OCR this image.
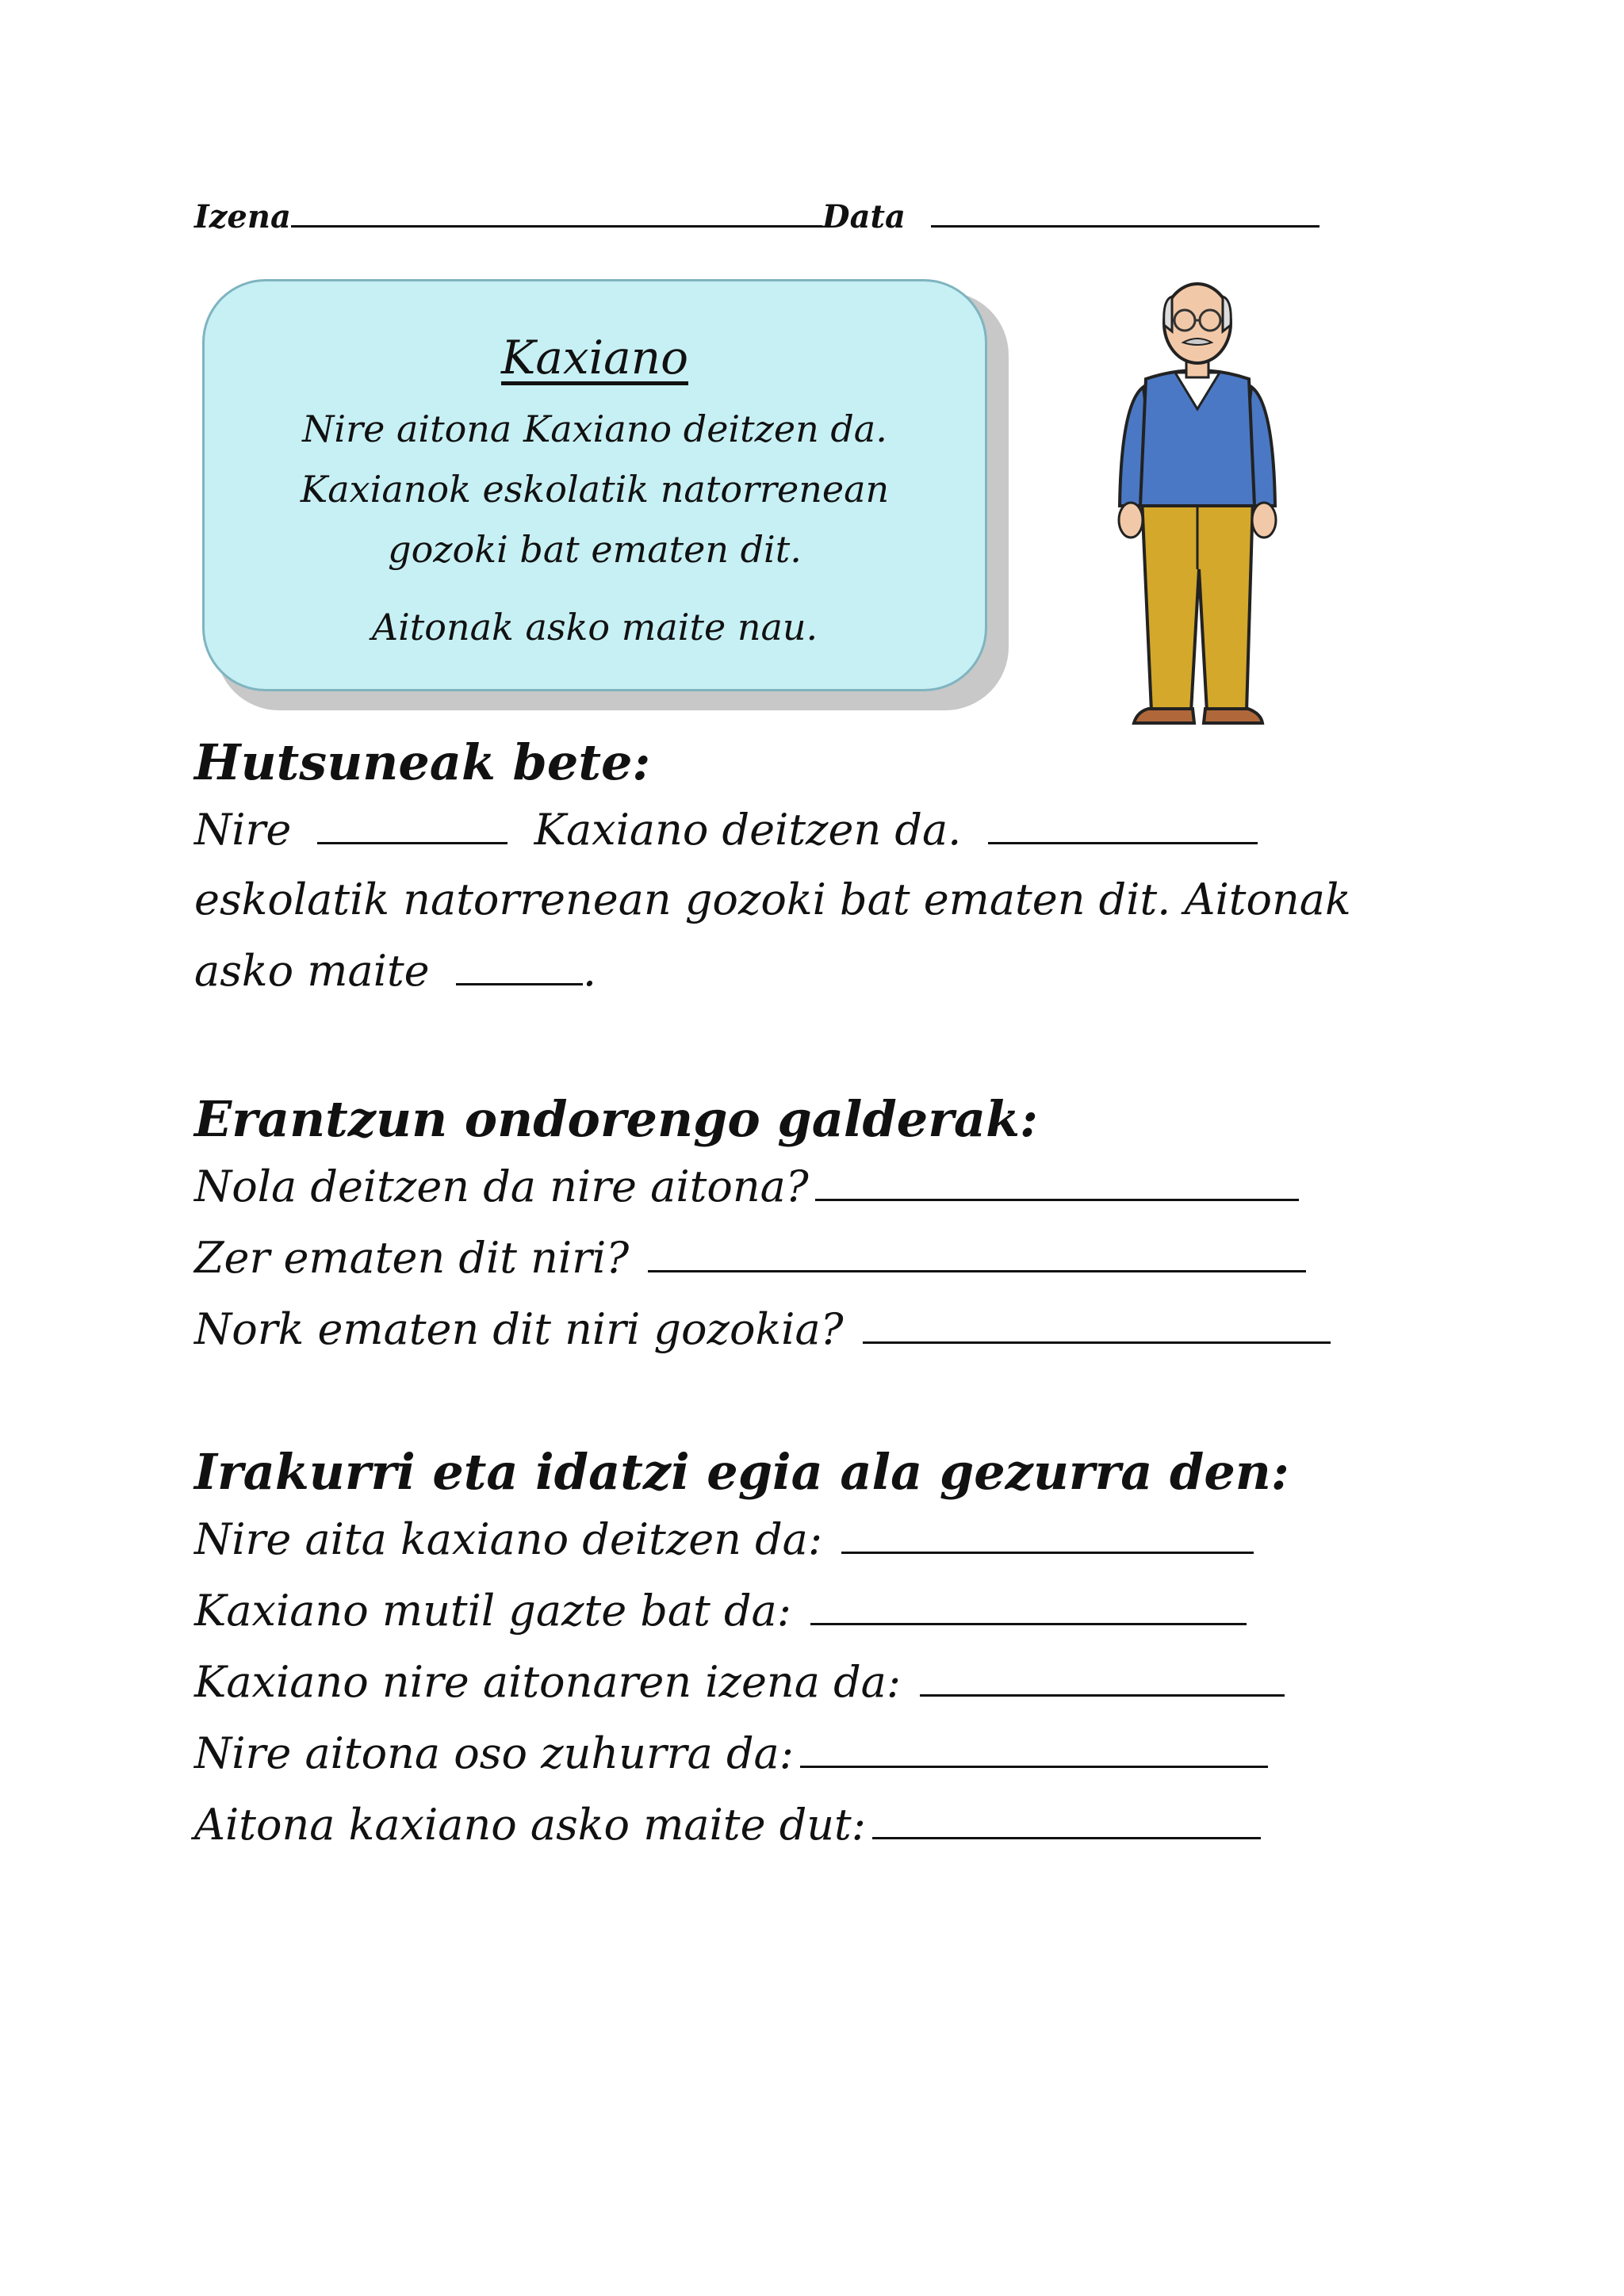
Izena	Data
Kaxiano
Nire aitona Kaxiano deitzen da.
Kaxianok eskolatik natorrenean
gozoki bat ematen dit.
Aitonak asko maite nau.
Hutsuneak bete:
Nire	Kaxiano deitzen da.
eskolatik natorrenean gozoki bat ematen dit. Aitonak
asko maite	.
Erantzun ondorengo galderak:
Nola deitzen da nire aitona?
Zer ematen dit niri?
Nork ematen dit niri gozokia?
Irakurri eta idatzi egia ala gezurra den:
Nire aita kaxiano deitzen da:
Kaxiano mutil gazte bat da:
Kaxiano nire aitonaren izena da:
Nire aitona oso zuhurra da:
Aitona kaxiano asko maite dut:
